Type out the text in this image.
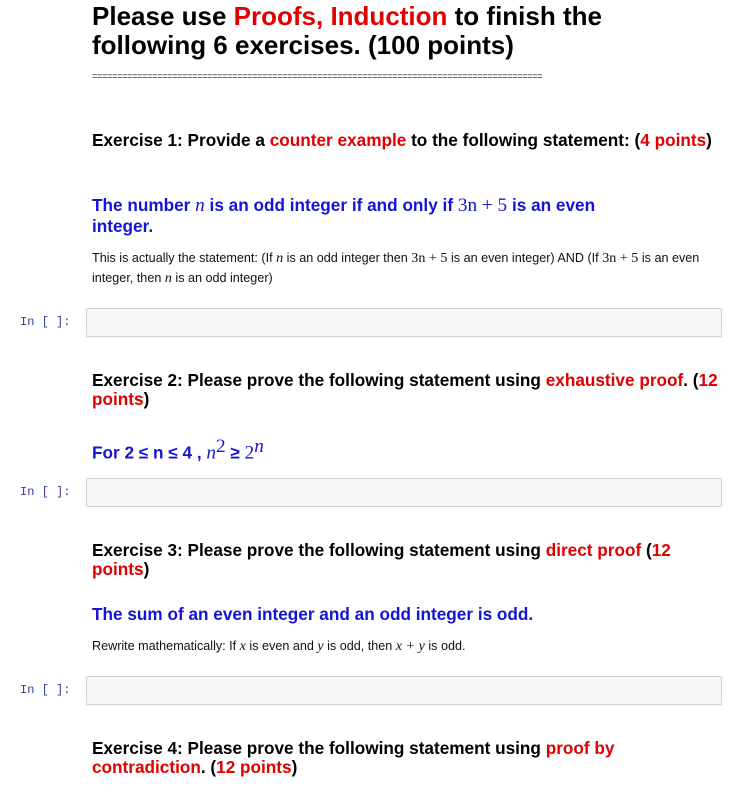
Please use Proofs, Induction to finish the following 6 exercises. (100 points)
==========================================================================================

Exercise 1: Provide a counter example to the following statement: (4 points)

The number n is an odd integer if and only if 3n + 5 is an even integer.

This is actually the statement: (If n is an odd integer then 3n + 5 is an even integer) AND (If 3n + 5 is an even integer, then n is an odd integer)

In [ ]:

Exercise 2: Please prove the following statement using exhaustive proof. (12 points)

For 2 ≤ n ≤ 4 , $n^2 \ge 2^n$

In [ ]:

Exercise 3: Please prove the following statement using direct proof (12 points)

The sum of an even integer and an odd integer is odd.

Rewrite mathematically: If x is even and y is odd, then x + y is odd.

In [ ]:

Exercise 4: Please prove the following statement using proof by contradiction. (12 points)
